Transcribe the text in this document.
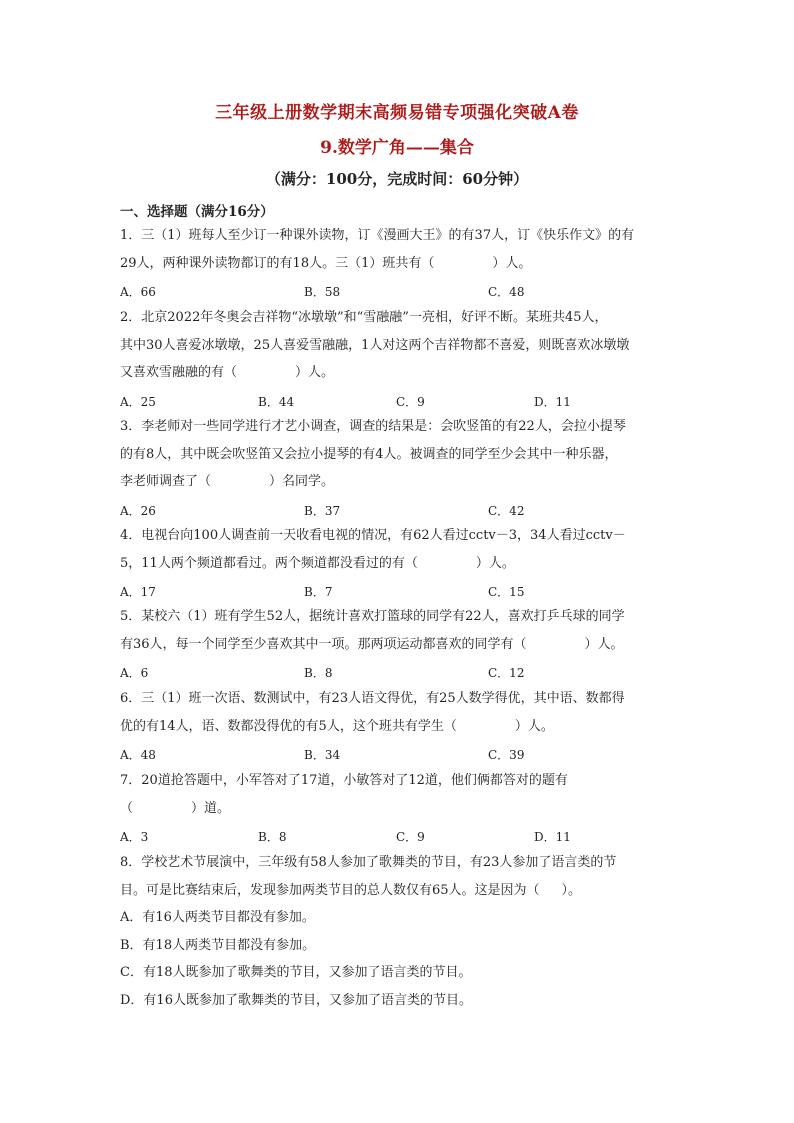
三年级上册数学期末高频易错专项强化突破A卷
9.数学广角——集合
（满分：100分，完成时间：60分钟）
一、选择题（满分16分）

1．三（1）班每人至少订一种课外读物，订《漫画大王》的有37人，订《快乐作文》的有

29人，两种课外读物都订的有18人。三（1）班共有（	）人。

A．66	B．58	C．48

2．北京2022年冬奥会吉祥物“冰墩墩”和“雪融融”一亮相，好评不断。某班共45人，

其中30人喜爱冰墩墩，25人喜爱雪融融，1人对这两个吉祥物都不喜爱，则既喜欢冰墩墩

又喜欢雪融融的有（	）人。

A．25	B．44	C．9	D．11

3．李老师对一些同学进行才艺小调查，调查的结果是：会吹竖笛的有22人，会拉小提琴

的有8人，其中既会吹竖笛又会拉小提琴的有4人。被调查的同学至少会其中一种乐器，

李老师调查了（	）名同学。

A．26	B．37	C．42

4．电视台向100人调查前一天收看电视的情况，有62人看过cctv－3，34人看过cctv－

5，11人两个频道都看过。两个频道都没看过的有（	）人。

A．17	B．7	C．15

5．某校六（1）班有学生52人，据统计喜欢打篮球的同学有22人，喜欢打乒乓球的同学

有36人，每一个同学至少喜欢其中一项。那两项运动都喜欢的同学有（	）人。

A．6	B．8	C．12

6．三（1）班一次语、数测试中，有23人语文得优，有25人数学得优，其中语、数都得

优的有14人，语、数都没得优的有5人，这个班共有学生（	）人。

A．48	B．34	C．39

7．20道抢答题中，小军答对了17道，小敏答对了12道，他们俩都答对的题有

（	）道。

A．3	B．8	C．9	D．11

8．学校艺术节展演中，三年级有58人参加了歌舞类的节目，有23人参加了语言类的节

目。可是比赛结束后，发现参加两类节目的总人数仅有65人。这是因为（ ）。

A．有16人两类节目都没有参加。
B．有18人两类节目都没有参加。
C．有18人既参加了歌舞类的节目，又参加了语言类的节目。
D．有16人既参加了歌舞类的节目，又参加了语言类的节目。
